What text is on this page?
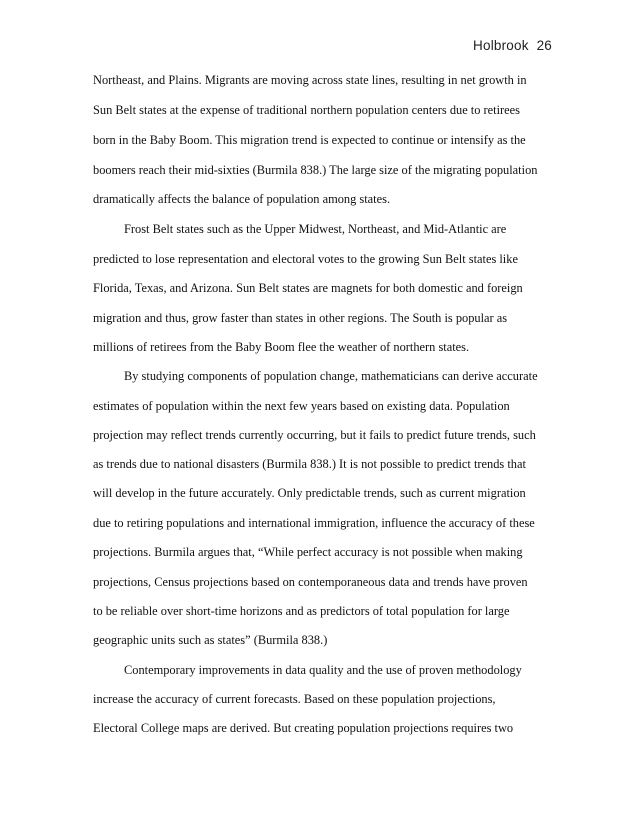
Holbrook 26
Northeast, and Plains. Migrants are moving across state lines, resulting in net growth in
Sun Belt states at the expense of traditional northern population centers due to retirees
born in the Baby Boom. This migration trend is expected to continue or intensify as the
boomers reach their mid-sixties (Burmila 838.) The large size of the migrating population
dramatically affects the balance of population among states.
Frost Belt states such as the Upper Midwest, Northeast, and Mid-Atlantic are
predicted to lose representation and electoral votes to the growing Sun Belt states like
Florida, Texas, and Arizona. Sun Belt states are magnets for both domestic and foreign
migration and thus, grow faster than states in other regions. The South is popular as
millions of retirees from the Baby Boom flee the weather of northern states.
By studying components of population change, mathematicians can derive accurate
estimates of population within the next few years based on existing data. Population
projection may reflect trends currently occurring, but it fails to predict future trends, such
as trends due to national disasters (Burmila 838.) It is not possible to predict trends that
will develop in the future accurately. Only predictable trends, such as current migration
due to retiring populations and international immigration, influence the accuracy of these
projections. Burmila argues that, “While perfect accuracy is not possible when making
projections, Census projections based on contemporaneous data and trends have proven
to be reliable over short-time horizons and as predictors of total population for large
geographic units such as states” (Burmila 838.)
Contemporary improvements in data quality and the use of proven methodology
increase the accuracy of current forecasts. Based on these population projections,
Electoral College maps are derived. But creating population projections requires two
